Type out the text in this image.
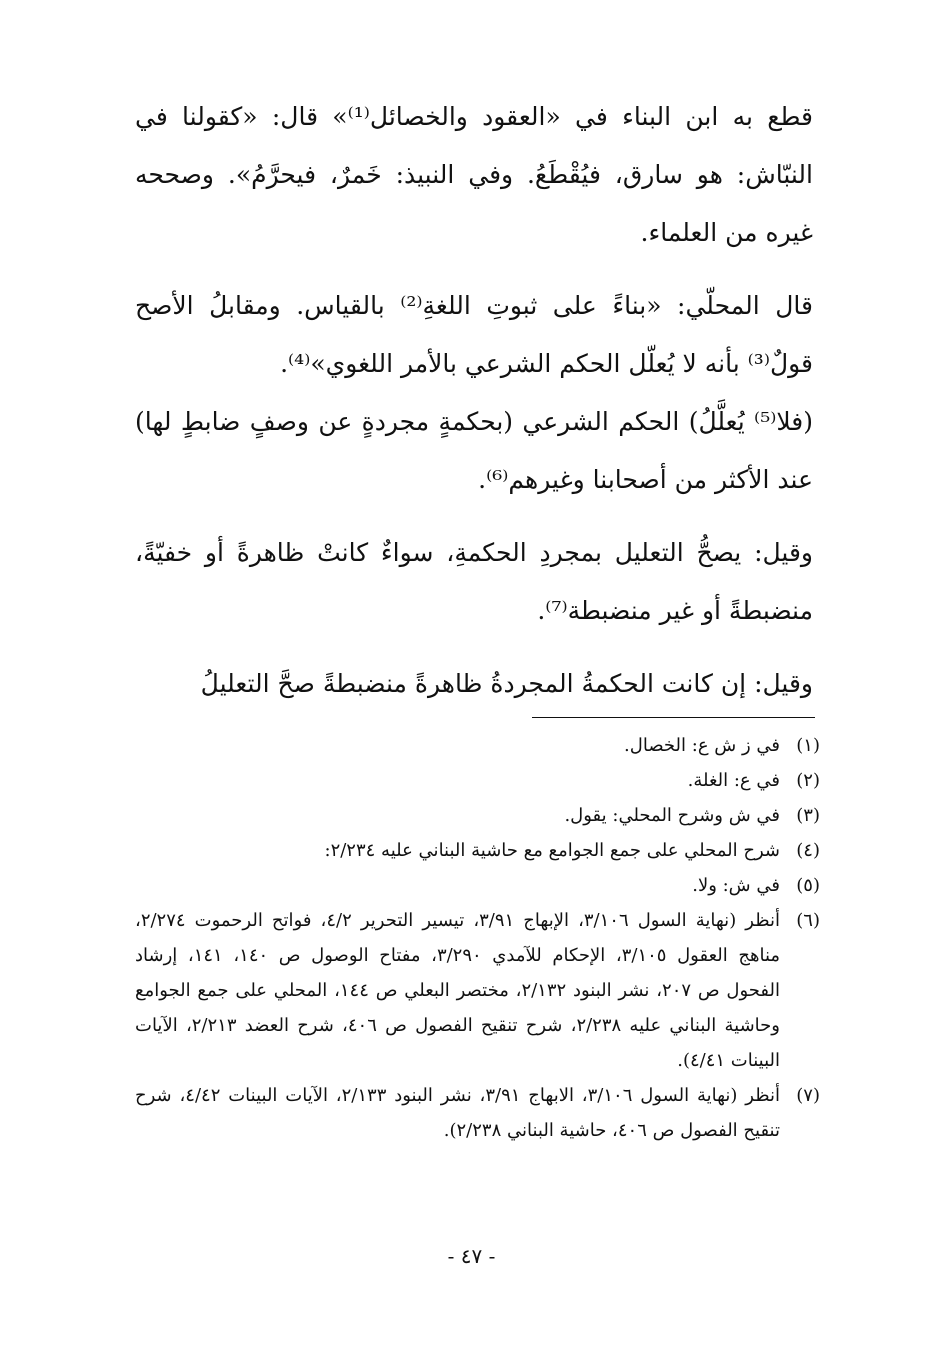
قطع به ابن البناء في «العقود والخصائل⁽¹⁾» قال: «كقولنا في النبّاش: هو سارق، فيُقْطَعُ. وفي النبيذ: خَمرٌ، فيحرَّمُ». وصححه غيره من العلماء.

قال المحلّي: «بناءً على ثبوتِ اللغةِ⁽²⁾ بالقياس. ومقابلُ الأصح قولٌ⁽³⁾ بأنه لا يُعلّل الحكم الشرعي بالأمر اللغوي»⁽⁴⁾.

(فلا⁽⁵⁾ يُعلَّلُ) الحكم الشرعي (بحكمةٍ مجردةٍ عن وصفٍ ضابطٍ لها) عند الأكثر من أصحابنا وغيرهم⁽⁶⁾.

وقيل: يصحُّ التعليل بمجردِ الحكمةِ، سواءٌ كانتْ ظاهرةً أو خفيّةً، منضبطةً أو غير منضبطة⁽⁷⁾.

وقيل: إن كانت الحكمةُ المجردةُ ظاهرةً منضبطةً صحَّ التعليلُ

(١)
في ز ش ع: الخصال.
(٢)
في ع: الغلة.
(٣)
في ش وشرح المحلي: يقول.
(٤)
شرح المحلي على جمع الجوامع مع حاشية البناني عليه ٢/٢٣٤:
(٥)
في ش: ولا.
(٦)
أنظر (نهاية السول ٣/١٠٦، الإبهاج ٣/٩١، تيسير التحرير ٤/٢، فواتح الرحموت ٢/٢٧٤، مناهج العقول ٣/١٠٥، الإحكام للآمدي ٣/٢٩٠، مفتاح الوصول ص ١٤٠، ١٤١، إرشاد الفحول ص ٢٠٧، نشر البنود ٢/١٣٢، مختصر البعلي ص ١٤٤، المحلي على جمع الجوامع وحاشية البناني عليه ٢/٢٣٨، شرح تنقيح الفصول ص ٤٠٦، شرح العضد ٢/٢١٣، الآيات البينات ٤/٤١).
(٧)
أنظر (نهاية السول ٣/١٠٦، الابهاج ٣/٩١، نشر البنود ٢/١٣٣، الآيات البينات ٤/٤٢، شرح تنقيح الفصول ص ٤٠٦، حاشية البناني ٢/٢٣٨).
- ٤٧ -
